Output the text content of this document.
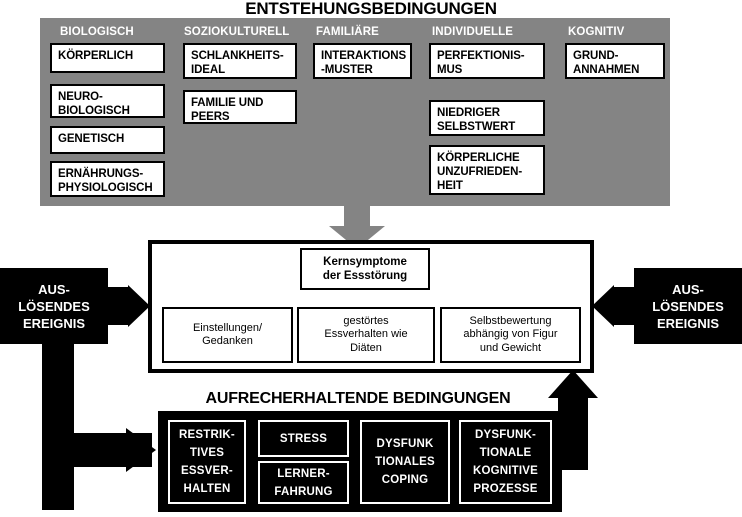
ENTSTEHUNGSBEDINGUNGEN
BIOLOGISCH	SOZIOKULTURELL FAMILIÄRE	INDIVIDUELLE	KOGNITIV
KÖRPERLICH
NEURO-
BIOLOGISCH
GENETISCH
ERNÄHRUNGS-
PHYSIOLOGISCH
SCHLANKHEITS-
IDEAL
FAMILIE UND
PEERS
INTERAKTIONS
-MUSTER
PERFEKTIONIS-
MUS
NIEDRIGER
SELBSTWERT
KÖRPERLICHE
UNZUFRIEDEN-
HEIT
GRUND-
ANNAHMEN
Kernsymptome
der Essstörung
Einstellungen/
Gedanken
gestörtes
Essverhalten wie
Diäten
Selbstbewertung
abhängig von Figur
und Gewicht
AUS-
LÖSENDES
EREIGNIS
AUS-
LÖSENDES
EREIGNIS
AUFRECHERHALTENDE BEDINGUNGEN
RESTRIK-
TIVES
ESSVER-
HALTEN
STRESS
LERNER-
FAHRUNG
DYSFUNK
TIONALES
COPING
DYSFUNK-
TIONALE
KOGNITIVE
PROZESSE
